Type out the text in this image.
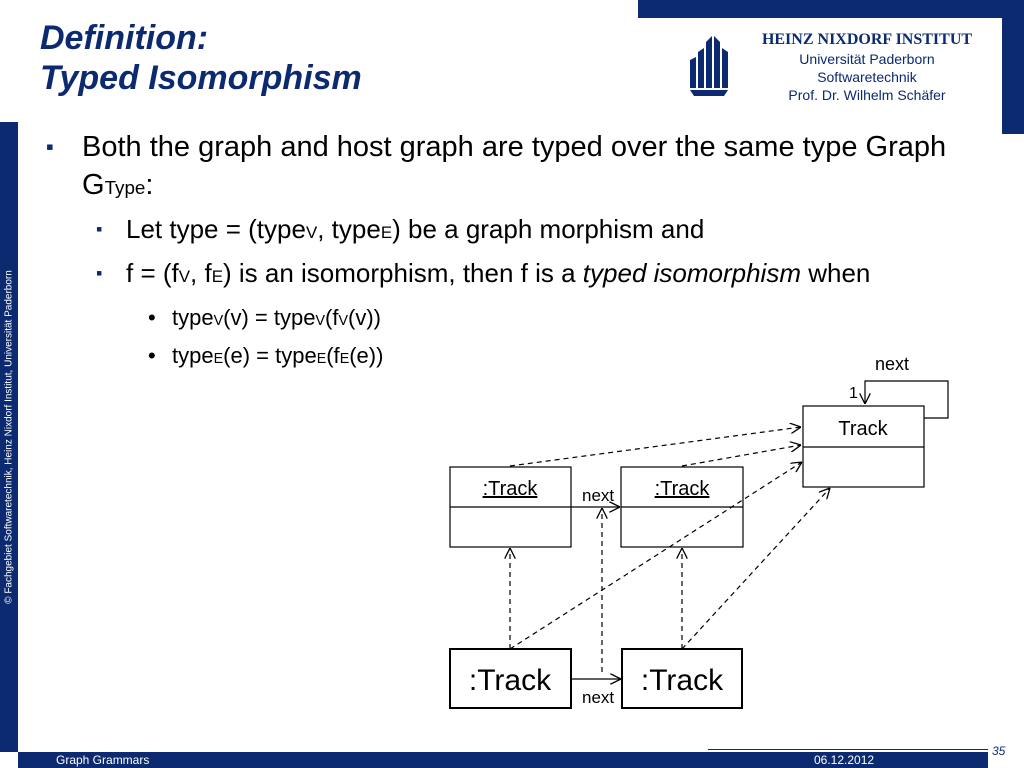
© Fachgebiet Softwaretechnik, Heinz Nixdorf Institut, Universität Paderborn
Definition:
Typed Isomorphism
HEINZ NIXDORF INSTITUT
Universität Paderborn
Softwaretechnik
Prof. Dr. Wilhelm Schäfer
▪ Both the graph and host graph are typed over the same type Graph $G_{Type}$:
▪ Let type = (type$_V$, type$_E$) be a graph morphism and
▪ $f = (f_V$, $f_E$) is an isomorphism, then f is a typed isomorphism when
• type$_V$(v) = $type_V(f_V(v))$
• type$_E$(e) = $type_E(f_E(e))$
Track
next
1
:Track	:Track
next
:Track	:Track
next
Graph Grammars	06.12.2012
35
